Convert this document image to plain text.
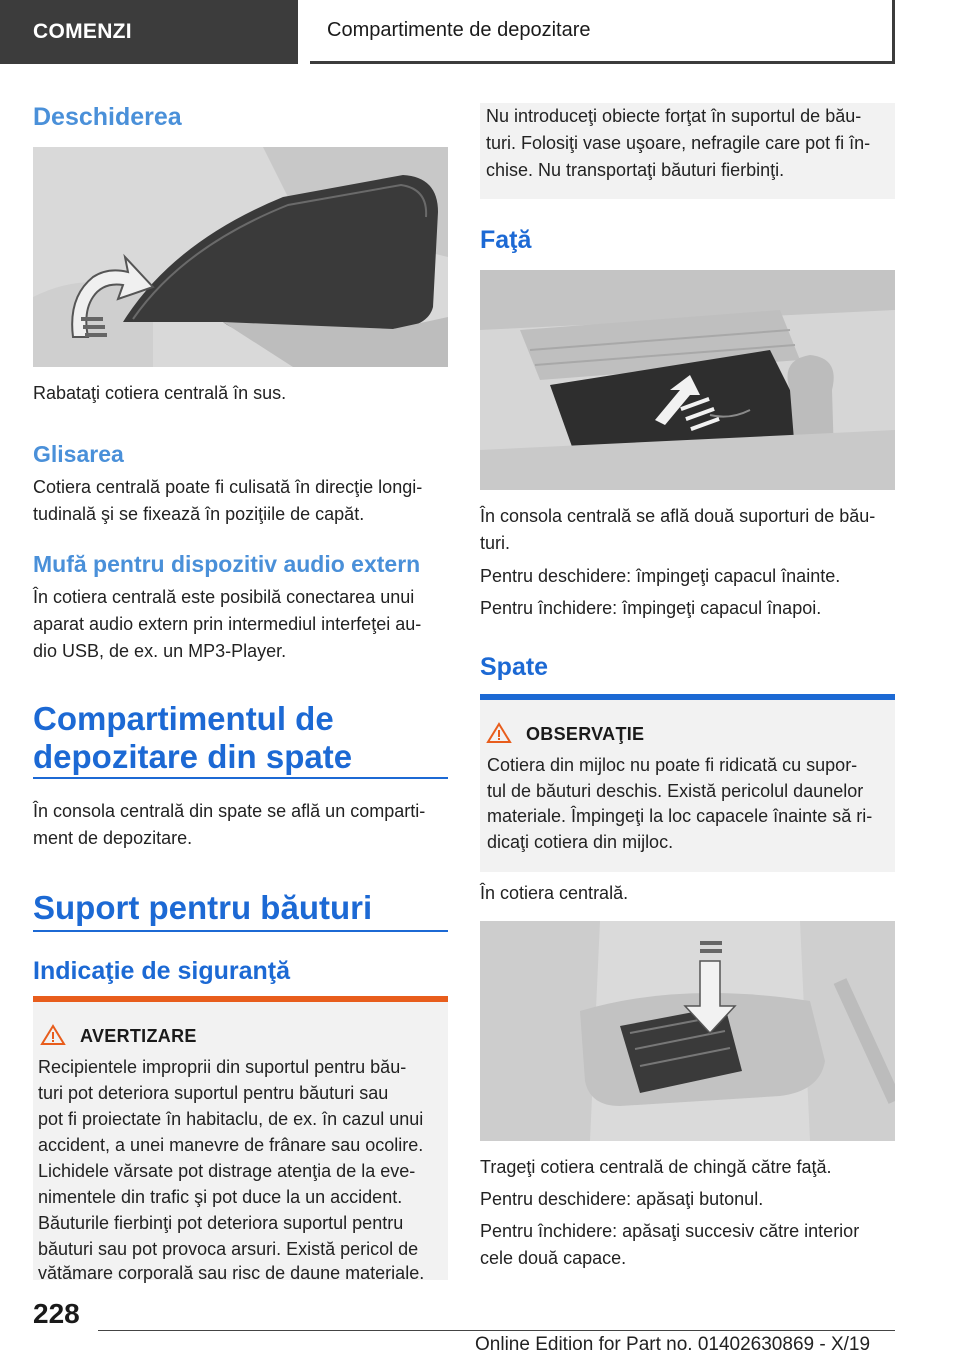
COMENZI	Compartimente de depozitare
Deschiderea
Rabataţi cotiera centrală în sus.
Glisarea
Cotiera centrală poate fi culisată în direcţie longi-
tudinală şi se fixează în poziţiile de capăt.
Mufă pentru dispozitiv audio extern
În cotiera centrală este posibilă conectarea unui
aparat audio extern prin intermediul interfeţei au-
dio USB, de ex. un MP3-Player.
Compartimentul de
depozitare din spate
În consola centrală din spate se află un comparti-
ment de depozitare.
Suport pentru băuturi
Indicaţie de siguranţă
AVERTIZARE
Recipientele improprii din suportul pentru bău-
turi pot deteriora suportul pentru băuturi sau
pot fi proiectate în habitaclu, de ex. în cazul unui
accident, a unei manevre de frânare sau ocolire.
Lichidele vărsate pot distrage atenţia de la eve-
nimentele din trafic şi pot duce la un accident.
Băuturile fierbinţi pot deteriora suportul pentru
băuturi sau pot provoca arsuri. Există pericol de
vătămare corporală sau risc de daune materiale.
Nu introduceţi obiecte forţat în suportul de bău-
turi. Folosiţi vase uşoare, nefragile care pot fi în-
chise. Nu transportaţi băuturi fierbinţi.
Faţă
În consola centrală se află două suporturi de bău-
turi.
Pentru deschidere: împingeţi capacul înainte.
Pentru închidere: împingeţi capacul înapoi.
Spate
OBSERVAŢIE
Cotiera din mijloc nu poate fi ridicată cu supor-
tul de băuturi deschis. Există pericolul daunelor
materiale. Împingeţi la loc capacele înainte să ri-
dicaţi cotiera din mijloc.
În cotiera centrală.
Trageţi cotiera centrală de chingă către faţă.
Pentru deschidere: apăsaţi butonul.
Pentru închidere: apăsaţi succesiv către interior
cele două capace.
228
Online Edition for Part no. 01402630869 - X/19
